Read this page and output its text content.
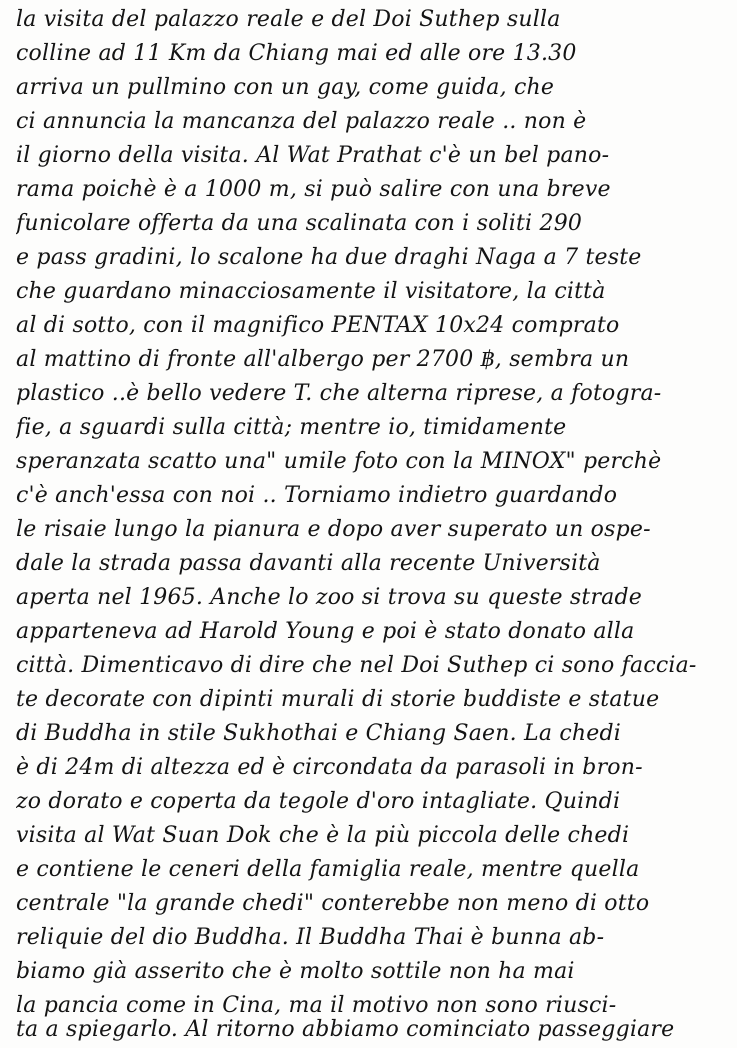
la visita del palazzo reale e del Doi Suthep sulla
colline ad 11 Km da Chiang mai ed alle ore 13.30
arriva un pullmino con un gay, come guida, che
ci annuncia la mancanza del palazzo reale .. non è
il giorno della visita. Al Wat Prathat c'è un bel pano-
rama poichè è a 1000 m, si può salire con una breve
funicolare offerta da una scalinata con i soliti 290
e pass gradini, lo scalone ha due draghi Naga a 7 teste
che guardano minacciosamente il visitatore, la città
al di sotto, con il magnifico PENTAX 10x24 comprato
al mattino di fronte all'albergo per 2700 ฿, sembra un
plastico ..è bello vedere T. che alterna riprese, a fotogra-
fie, a sguardi sulla città; mentre io, timidamente
speranzata scatto una" umile foto con la MINOX" perchè
c'è anch'essa con noi .. Torniamo indietro guardando
le risaie lungo la pianura e dopo aver superato un ospe-
dale la strada passa davanti alla recente Università
aperta nel 1965. Anche lo zoo si trova su queste strade
apparteneva ad Harold Young e poi è stato donato alla
città. Dimenticavo di dire che nel Doi Suthep ci sono faccia-
te decorate con dipinti murali di storie buddiste e statue
di Buddha in stile Sukhothai e Chiang Saen. La chedi
è di 24m di altezza ed è circondata da parasoli in bron-
zo dorato e coperta da tegole d'oro intagliate. Quindi
visita al Wat Suan Dok che è la più piccola delle chedi
e contiene le ceneri della famiglia reale, mentre quella
centrale "la grande chedi" conterebbe non meno di otto
reliquie del dio Buddha. Il Buddha Thai è bunna ab-
biamo già asserito che è molto sottile non ha mai
la pancia come in Cina, ma il motivo non sono riusci-
ta a spiegarlo. Al ritorno abbiamo cominciato passeggiare
